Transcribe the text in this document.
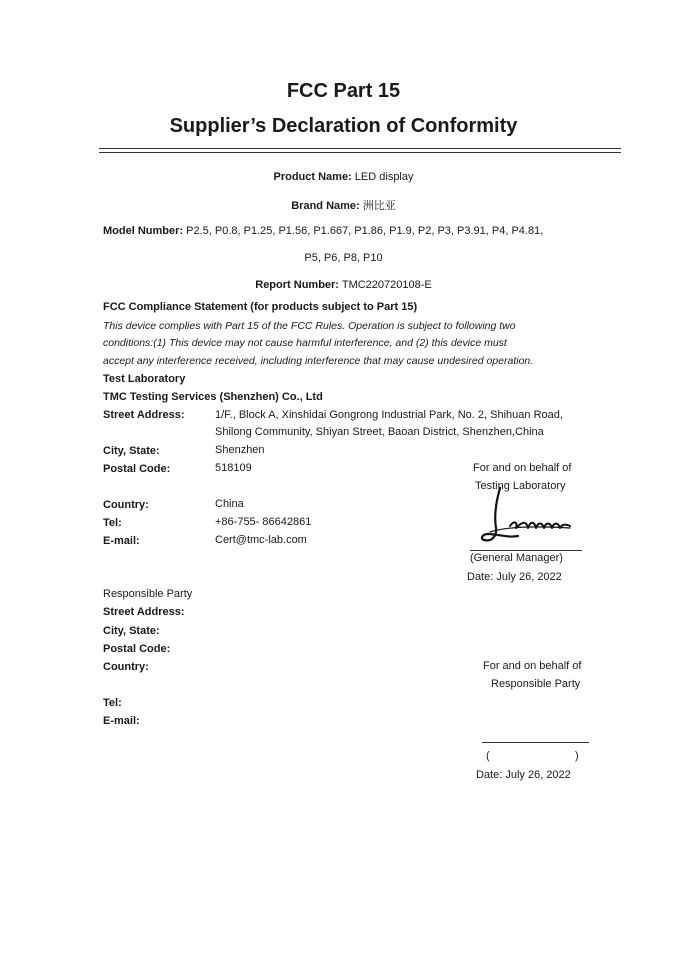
FCC Part 15
Supplier’s Declaration of Conformity
Product Name: LED display
Brand Name: 洲比亚
Model Number: P2.5, P0.8, P1.25, P1.56, P1.667, P1.86, P1.9, P2, P3, P3.91, P4, P4.81,
P5, P6, P8, P10
Report Number: TMC220720108-E
FCC Compliance Statement (for products subject to Part 15)
This device complies with Part 15 of the FCC Rules. Operation is subject to following two
conditions:(1) This device may not cause harmful interference, and (2) this device must
accept any interference received, including interference that may cause undesired operation.
Test Laboratory
TMC Testing Services (Shenzhen) Co., Ltd
Street Address:	1/F., Block A, Xinshidai Gongrong Industrial Park, No. 2, Shihuan Road,
Shilong Community, Shiyan Street, Baoan District, Shenzhen,China
City, State:	Shenzhen
Postal Code:	518109	For and on behalf of
Testing Laboratory
Country:	China
Tel:	+86-755- 86642861
E-mail:	Cert@tmc-lab.com
(General Manager)
Date: July 26, 2022
Responsible Party
Street Address:
City, State:
Postal Code:
Country:
Tel:
E-mail:
For and on behalf of
Responsible Party
(	)
Date: July 26, 2022
